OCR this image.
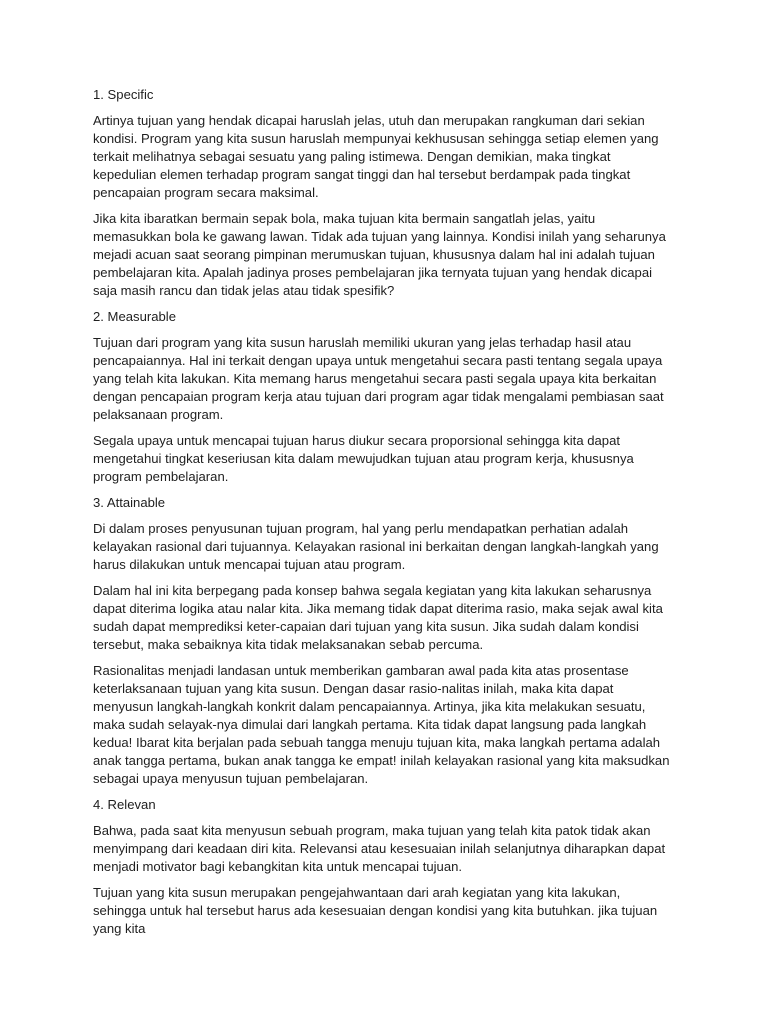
1. Specific

Artinya tujuan yang hendak dicapai haruslah jelas, utuh dan merupakan rangkuman dari sekian kondisi. Program yang kita susun haruslah mempunyai kekhususan sehingga setiap elemen yang terkait melihatnya sebagai sesuatu yang paling istimewa. Dengan demikian, maka tingkat kepedulian elemen terhadap program sangat tinggi dan hal tersebut berdampak pada tingkat pencapaian program secara maksimal.

Jika kita ibaratkan bermain sepak bola, maka tujuan kita bermain sangatlah jelas, yaitu memasukkan bola ke gawang lawan. Tidak ada tujuan yang lainnya. Kondisi inilah yang seharunya mejadi acuan saat seorang pimpinan merumuskan tujuan, khususnya dalam hal ini adalah tujuan pembelajaran kita. Apalah jadinya proses pembelajaran jika ternyata tujuan yang hendak dicapai saja masih rancu dan tidak jelas atau tidak spesifik?

2. Measurable

Tujuan dari program yang kita susun haruslah memiliki ukuran yang jelas terhadap hasil atau pencapaiannya. Hal ini terkait dengan upaya untuk mengetahui secara pasti tentang segala upaya yang telah kita lakukan. Kita memang harus mengetahui secara pasti segala upaya kita berkaitan dengan pencapaian program kerja atau tujuan dari program agar tidak mengalami pembiasan saat pelaksanaan program.

Segala upaya untuk mencapai tujuan harus diukur secara proporsional sehingga kita dapat mengetahui tingkat keseriusan kita dalam mewujudkan tujuan atau program kerja, khususnya program pembelajaran.

3. Attainable

Di dalam proses penyusunan tujuan program, hal yang perlu mendapatkan perhatian adalah kelayakan rasional dari tujuannya. Kelayakan rasional ini berkaitan dengan langkah-langkah yang harus dilakukan untuk mencapai tujuan atau program.

Dalam hal ini kita berpegang pada konsep bahwa segala kegiatan yang kita lakukan seharusnya dapat diterima logika atau nalar kita. Jika memang tidak dapat diterima rasio, maka sejak awal kita sudah dapat memprediksi keter-capaian dari tujuan yang kita susun. Jika sudah dalam kondisi tersebut, maka sebaiknya kita tidak melaksanakan sebab percuma.

Rasionalitas menjadi landasan untuk memberikan gambaran awal pada kita atas prosentase keterlaksanaan tujuan yang kita susun. Dengan dasar rasio-nalitas inilah, maka kita dapat menyusun langkah-langkah konkrit dalam pencapaiannya. Artinya, jika kita melakukan sesuatu, maka sudah selayak-nya dimulai dari langkah pertama. Kita tidak dapat langsung pada langkah kedua! Ibarat kita berjalan pada sebuah tangga menuju tujuan kita, maka langkah pertama adalah anak tangga pertama, bukan anak tangga ke empat! inilah kelayakan rasional yang kita maksudkan sebagai upaya menyusun tujuan pembelajaran.

4. Relevan

Bahwa, pada saat kita menyusun sebuah program, maka tujuan yang telah kita patok tidak akan menyimpang dari keadaan diri kita. Relevansi atau kesesuaian inilah selanjutnya diharapkan dapat menjadi motivator bagi kebangkitan kita untuk mencapai tujuan.

Tujuan yang kita susun merupakan pengejahwantaan dari arah kegiatan yang kita lakukan, sehingga untuk hal tersebut harus ada kesesuaian dengan kondisi yang kita butuhkan. jika tujuan yang kita
